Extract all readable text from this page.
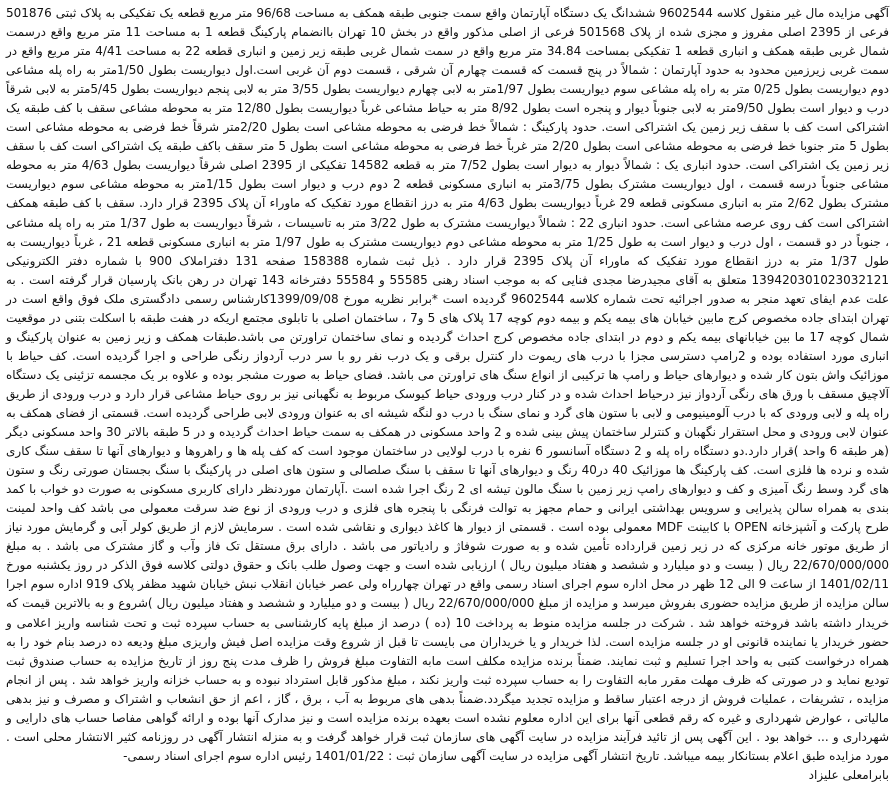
آگهی مزایده مال غیر منقول کلاسه 9602544 ششدانگ یک دستگاه آپارتمان واقع سمت جنوبی طبقه همکف به مساحت 96/68 متر مربع قطعه یک تفکیکی به پلاک ثبتی 501876 فرعی از 2395 اصلی مفروز و مجزی شده از پلاک 501568 فرعی از اصلی مذکور واقع در بخش 10 تهران باانضمام پارکینگ قطعه 1 به مساحت 11 متر مربع واقع درسمت شمال غربی طبقه همکف و انباری قطعه 1 تفکیکی بمساحت 34.84 متر مربع واقع در سمت شمال غربی طبقه زیر زمین و انباری قطعه 22 به مساحت 4/41 متر مربع واقع در سمت غربی زیرزمین محدود به حدود آپارتمان : شمالاً در پنج قسمت که قسمت چهارم آن شرقی ، قسمت دوم آن غربی است.اول دیواریست بطول 1/50متر به راه پله مشاعی دوم دیواریست بطول 0/25 متر به راه پله مشاعی سوم دیواریست بطول 1/97متر به لابی چهارم دیواریست بطول 3/55 متر به لابی پنجم دیواریست بطول 5/45متر به لابی شرقاً درب و دیوار است بطول 9/50متر به لابی جنوباً دیوار و پنجره است بطول 8/92 متر به حیاط مشاعی غرباً دیواریست بطول 12/80 متر به محوطه مشاعی سقف با کف طبقه یک اشتراکی است کف با سقف زیر زمین یک اشتراکی است. حدود پارکینگ : شمالاً خط فرضی به محوطه مشاعی است بطول 2/20متر شرقاً خط فرضی به محوطه مشاعی است بطول 5 متر جنوبا خط فرضی به محوطه مشاعی است بطول 2/20 متر غرباً خط فرضی به محوطه مشاعی است بطول 5 متر سقف باکف طبقه یک اشتراکی است کف با سقف زیر زمین یک اشتراکی است. حدود انباری یک : شمالاً دیوار به دیوار است بطول 7/52 متر به قطعه 14582 تفکیکی از 2395 اصلی شرقاً دیواریست بطول 4/63 متر به محوطه مشاعی جنوباً درسه قسمت ، اول دیواریست مشترک بطول 3/75متر به انباری مسکونی قطعه 2 دوم درب و دیوار است بطول 1/15متر به محوطه مشاعی سوم دیواریست مشترک بطول 2/62 متر به انباری مسکونی قطعه 29 غرباً دیواریست بطول 4/63 متر به درز انقطاع مورد تفکیک که ماوراء آن پلاک 2395 قرار دارد. سقف با کف طبقه همکف اشتراکی است کف روی عرصه مشاعی است. حدود انباری 22 : شمالاً دیواریست مشترک به طول 3/22 متر به تاسیسات ، شرقاً دیواریست به طول 1/37 متر به راه پله مشاعی ، جنوباً در دو قسمت ، اول درب و دیوار است به طول 1/25 متر به محوطه مشاعی دوم دیواریست مشترک به طول 1/97 متر به انباری مسکونی قطعه 21 ، غرباً دیواریست به طول 1/37 متر به درز انقطاع مورد تفکیک که ماوراء آن پلاک 2395 قرار دارد . ذیل ثبت شماره 158388 صفحه 131 دفتراملاک 900 با شماره دفتر الکترونیکی 139420301023032121 متعلق به آقای مجیدرضا مجدی فنایی که به موجب اسناد رهنی 55585 و 55584 دفترخانه 143 تهران در رهن بانک پارسیان قرار گرفته است . به علت عدم ایفای تعهد منجر به صدور اجرائیه تحت شماره کلاسه 9602544 گردیده است *برابر نظریه مورخ 1399/09/08کارشناس رسمی دادگستری ملک فوق واقع است در تهران ابتدای جاده مخصوص کرج مابین خیابان های بیمه یکم و بیمه دوم کوچه 17 پلاک های 5 و7 ، ساختمان اصلی با تابلوی مجتمع اریکه در هفت طبقه با اسکلت بتنی در موقعیت شمال کوچه 17 ما بین خیابانهای بیمه یکم و دوم در ابتدای جاده مخصوص کرج احداث گردیده و نمای ساختمان تراورتن می باشد.طبقات همکف و زیر زمین به عنوان پارکینگ و انباری مورد استفاده بوده و 2رامپ دسترسی مجزا با درب های ریموت دار کنترل برقی و یک درب نفر رو با سر درب آردواز رنگی طراحی و اجرا گردیده است. کف حیاط با موزائیک واش بتون کار شده و دیوارهای حیاط و رامپ ها ترکیبی از انواع سنگ های تراورتن می باشد. فضای حیاط به صورت مشجر بوده و علاوه بر یک مجسمه تزئینی یک دستگاه آلاچیق مسقف با ورق های رنگی آردواز نیز درحیاط احداث شده و در کنار درب ورودی حیاط کیوسک مربوط به نگهبانی نیز بر روی حیاط مشاعی قرار دارد و درب ورودی از طریق راه پله و لابی ورودی که با درب آلومینیومی و لابی با ستون های گرد و نمای سنگ با درب دو لنگه شیشه ای به عنوان ورودی لابی طراحی گردیده است. قسمتی از فضای همکف به عنوان لابی ورودی و محل استقرار نگهبان و کنترلر ساختمان پیش بینی شده و 2 واحد مسکونی در همکف به سمت حیاط احداث گردیده و در 5 طبقه بالاتر 30 واحد مسکونی دیگر (هر طبقه 6 واحد )قرار دارد.دو دستگاه راه پله و 2 دستگاه آسانسور 6 نفره با درب لولایی در ساختمان موجود است که کف پله ها و راهروها و دیوارهای آنها تا سقف سنگ کاری شده و نرده ها فلزی است. کف پارکینگ ها موزائیک 40 در40 رنگ و دیوارهای آنها تا سقف با سنگ صلصالی و ستون های اصلی در پارکینگ با سنگ بجستان صورتی رنگ و ستون های گرد وسط رنگ آمیزی و کف و دیوارهای رامپ زیر زمین با سنگ مالون تیشه ای 2 رنگ اجرا شده است .آپارتمان موردنظر دارای کاربری مسکونی به صورت دو خواب با کمد بندی به همراه سالن پذیرایی و سرویس بهداشتی ایرانی و حمام مجهز به توالت فرنگی با پنجره های فلزی و درب ورودی از نوع ضد سرقت معمولی می باشد کف واحد لمینت طرح پارکت و آشپزخانه OPEN با کابینت MDF معمولی بوده است . قسمتی از دیوار ها کاغذ دیواری و نقاشی شده است . سرمایش لازم از طریق کولر آبی و گرمایش مورد نیاز از طریق موتور خانه مرکزی که در زیر زمین قرارداده تأمین شده و به صورت شوفاژ و رادیاتور می باشد . دارای برق مستقل تک فاز وآب و گاز مشترک می باشد . به مبلغ 22/670/000/000 ریال ( بیست و دو میلیارد و ششصد و هفتاد میلیون ریال ) ارزیابی شده است و جهت وصول طلب بانک و حقوق دولتی کلاسه فوق الذکر در روز یکشنبه مورخ 1401/02/11 از ساعت 9 الی 12 ظهر در محل اداره سوم اجرای اسناد رسمی واقع در تهران چهارراه ولی عصر خیابان انقلاب نبش خیابان شهید مظفر پلاک 919 اداره سوم اجرا سالن مزایده از طریق مزایده حضوری بفروش میرسد و مزایده از مبلغ 22/670/000/000 ریال ( بیست و دو میلیارد و ششصد و هفتاد میلیون ریال )شروع و به بالاترین قیمت که خریدار داشته باشد فروخته خواهد شد . شرکت در جلسه مزایده منوط به پرداخت 10 (ده ) درصد از مبلغ پایه کارشناسی به حساب سپرده ثبت و تحت شناسه واریز اعلامی و حضور خریدار یا نماینده قانونی او در جلسه مزایده است. لذا خریدار و یا خریداران می بایست تا قبل از شروع وقت مزایده اصل فیش واریزی مبلغ ودیعه ده درصد بنام خود را به همراه درخواست کتبی به واحد اجرا تسلیم و ثبت نمایند. ضمناً برنده مزایده مکلف است مابه التفاوت مبلغ فروش را ظرف مدت پنج روز از تاریخ مزایده به حساب صندوق ثبت تودیع نماید و در صورتی که ظرف مهلت مقرر مابه التفاوت را به حساب سپرده ثبت واریز نکند ، مبلغ مذکور قابل استرداد نبوده و به حساب خزانه واریز خواهد شد . پس از انجام مزایده ، تشریفات ، عملیات فروش از درجه اعتبار ساقط و مزایده تجدید میگردد.ضمناً بدهی های مربوط به آب ، برق ، گاز ، اعم از حق انشعاب و اشتراک و مصرف و نیز بدهی مالیاتی ، عوارض شهرداری و غیره که رقم قطعی آنها برای این اداره معلوم نشده است بعهده برنده مزایده است و نیز مدارک آنها بوده و ارائه گواهی مفاصا حساب های دارایی و شهرداری و ... خواهد بود . این آگهی پس از تائید فرآیند مزایده در سایت آگهی های سازمان ثبت قرار خواهد گرفت و به منزله انتشار آگهی در روزنامه کثیر الانتشار محلی است . مورد مزایده طبق اعلام بستانکار بیمه میباشد. تاریخ انتشار آگهی مزایده در سایت آگهی سازمان ثبت : 1401/01/22 رئیس اداره سوم اجرای اسناد رسمی-

بابرامعلی علیزاد
